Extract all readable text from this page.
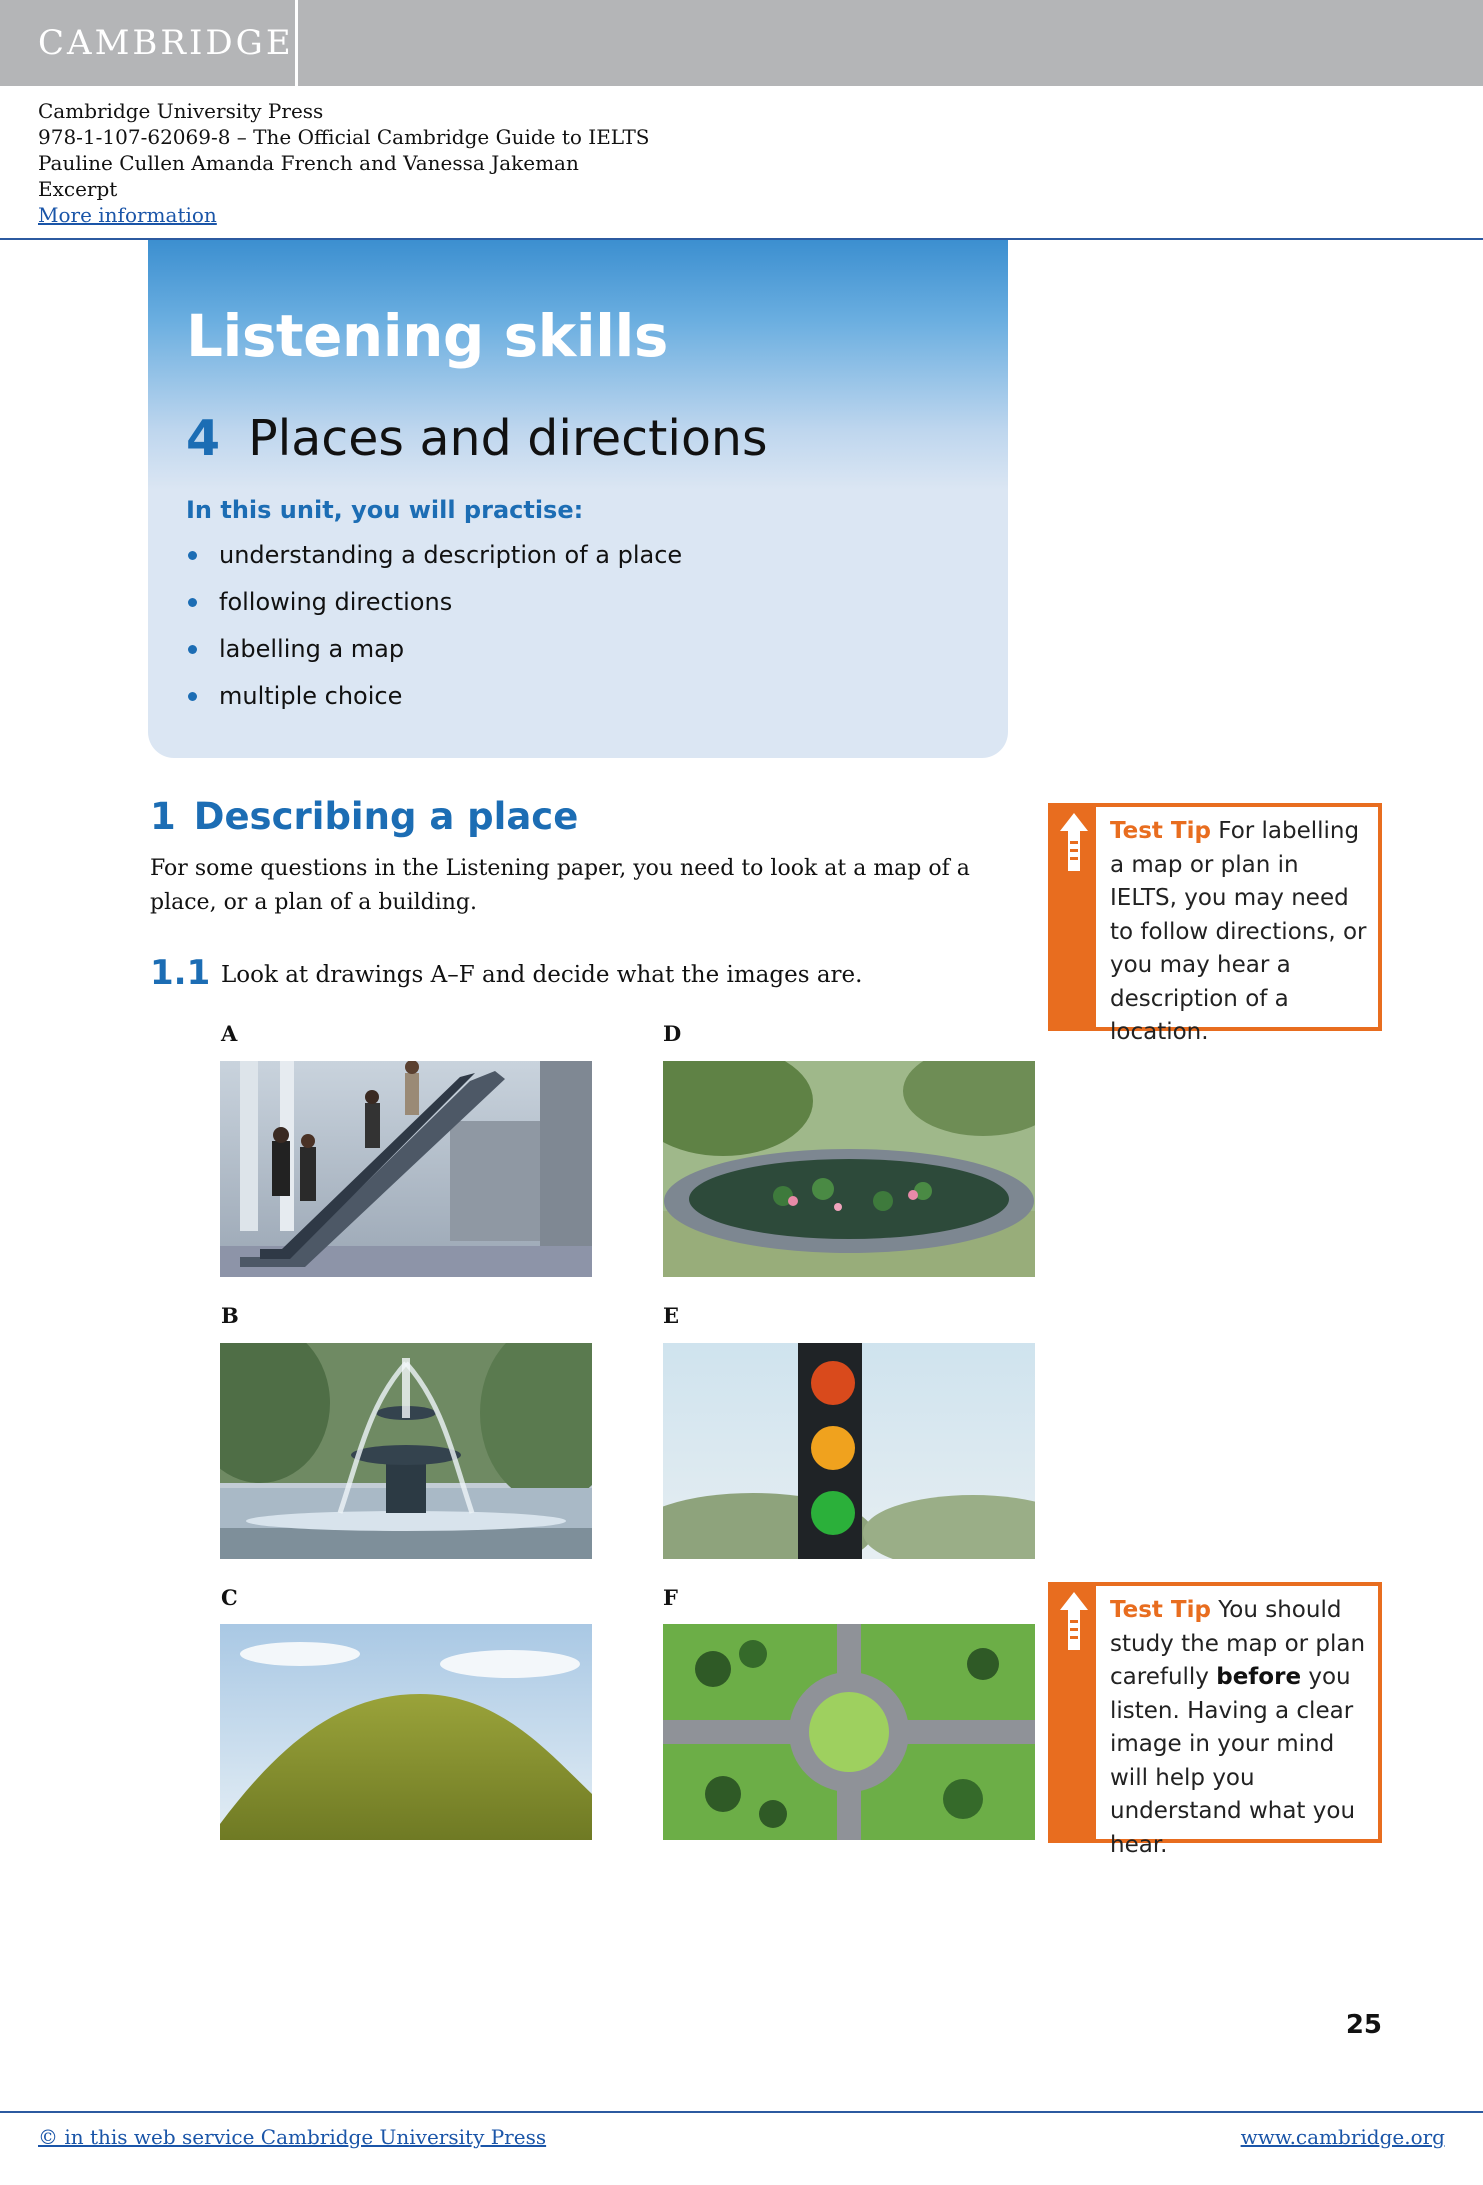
CAMBRIDGE
Cambridge University Press
978-1-107-62069-8 – The Official Cambridge Guide to IELTS
Pauline Cullen Amanda French and Vanessa Jakeman
Excerpt
More information
Listening skills
4 Places and directions
In this unit, you will practise:
understanding a description of a place
following directions
labelling a map
multiple choice
1 Describing a place
For some questions in the Listening paper, you need to look at a map of a place, or a plan of a building.
1.1 Look at drawings A–F and decide what the images are.
A
B
C
D
E
F
Test Tip For labelling a map or plan in IELTS, you may need to follow directions, or you may hear a description of a location.
Test Tip You should study the map or plan carefully before you listen. Having a clear image in your mind will help you understand what you hear.
25
© in this web service Cambridge University Press	www.cambridge.org
